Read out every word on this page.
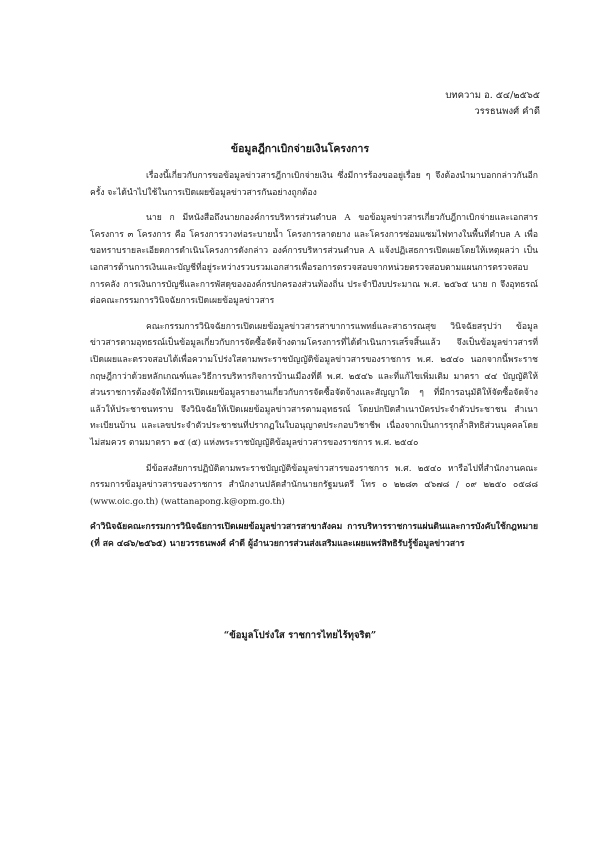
บทความ อ. ๕๔/๒๕๖๕
วรรธนพงศ์ คำดี
ข้อมูลฎีกาเบิกจ่ายเงินโครงการ

เรื่องนี้เกี่ยวกับการขอข้อมูลข่าวสารฎีกาเบิกจ่ายเงิน ซึ่งมีการร้องขออยู่เรื่อย ๆ จึงต้องนำมาบอกกล่าวกันอีกครั้ง จะได้นำไปใช้ในการเปิดเผยข้อมูลข่าวสารกันอย่างถูกต้อง

นาย ก มีหนังสือถึงนายกองค์การบริหารส่วนตำบล A ขอข้อมูลข่าวสารเกี่ยวกับฎีกาเบิกจ่ายและเอกสารโครงการ ๓ โครงการ คือ โครงการวางท่อระบายน้ำ โครงการลาดยาง และโครงการซ่อมแซมไฟทางในพื้นที่ตำบล A เพื่อขอทราบรายละเอียดการดำเนินโครงการดังกล่าว องค์การบริหารส่วนตำบล A แจ้งปฏิเสธการเปิดเผยโดยให้เหตุผลว่า เป็นเอกสารด้านการเงินและบัญชีที่อยู่ระหว่างรวบรวมเอกสารเพื่อรอการตรวจสอบจากหน่วยตรวจสอบตามแผนการตรวจสอบการคลัง การเงินการบัญชีและการพัสดุขององค์กรปกครองส่วนท้องถิ่น ประจำปีงบประมาณ พ.ศ. ๒๕๖๕ นาย ก จึงอุทธรณ์ต่อคณะกรรมการวินิจฉัยการเปิดเผยข้อมูลข่าวสาร

คณะกรรมการวินิจฉัยการเปิดเผยข้อมูลข่าวสารสาขาการแพทย์และสาธารณสุข วินิจฉัยสรุปว่า ข้อมูลข่าวสารตามอุทธรณ์เป็นข้อมูลเกี่ยวกับการจัดซื้อจัดจ้างตามโครงการที่ได้ดำเนินการเสร็จสิ้นแล้ว จึงเป็นข้อมูลข่าวสารที่เปิดเผยและตรวจสอบได้เพื่อความโปร่งใสตามพระราชบัญญัติข้อมูลข่าวสารของราชการ พ.ศ. ๒๕๔๐ นอกจากนี้พระราชกฤษฎีกาว่าด้วยหลักเกณฑ์และวิธีการบริหารกิจการบ้านเมืองที่ดี พ.ศ. ๒๕๔๖ และที่แก้ไขเพิ่มเติม มาตรา ๔๔ บัญญัติให้ส่วนราชการต้องจัดให้มีการเปิดเผยข้อมูลรายงานเกี่ยวกับการจัดซื้อจัดจ้างและสัญญาใด ๆ ที่มีการอนุมัติให้จัดซื้อจัดจ้างแล้วให้ประชาชนทราบ จึงวินิจฉัยให้เปิดเผยข้อมูลข่าวสารตามอุทธรณ์ โดยปกปิดสำเนาบัตรประจำตัวประชาชน สำเนาทะเบียนบ้าน และเลขประจำตัวประชาชนที่ปรากฏในใบอนุญาตประกอบวิชาชีพ เนื่องจากเป็นการรุกล้ำสิทธิส่วนบุคคลโดยไม่สมควร ตามมาตรา ๑๕ (๕) แห่งพระราชบัญญัติข้อมูลข่าวสารของราชการ พ.ศ. ๒๕๔๐

มีข้อสงสัยการปฏิบัติตามพระราชบัญญัติข้อมูลข่าวสารของราชการ พ.ศ. ๒๕๔๐ หารือไปที่สำนักงานคณะกรรมการข้อมูลข่าวสารของราชการ สำนักงานปลัดสำนักนายกรัฐมนตรี โทร ๐ ๒๒๘๓ ๔๖๗๘ / ๐๙ ๒๒๕๐ ๐๕๘๘ (www.oic.go.th) (wattanapong.k@opm.go.th)

คำวินิจฉัยคณะกรรมการวินิจฉัยการเปิดเผยข้อมูลข่าวสารสาขาสังคม การบริหารราชการแผ่นดินและการบังคับใช้กฎหมาย (ที่ สค ๔๘๖/๒๕๖๕) นายวรรธนพงศ์ คำดี ผู้อำนวยการส่วนส่งเสริมและเผยแพร่สิทธิรับรู้ข้อมูลข่าวสาร

“ข้อมูลโปร่งใส ราชการไทยไร้ทุจริต”
